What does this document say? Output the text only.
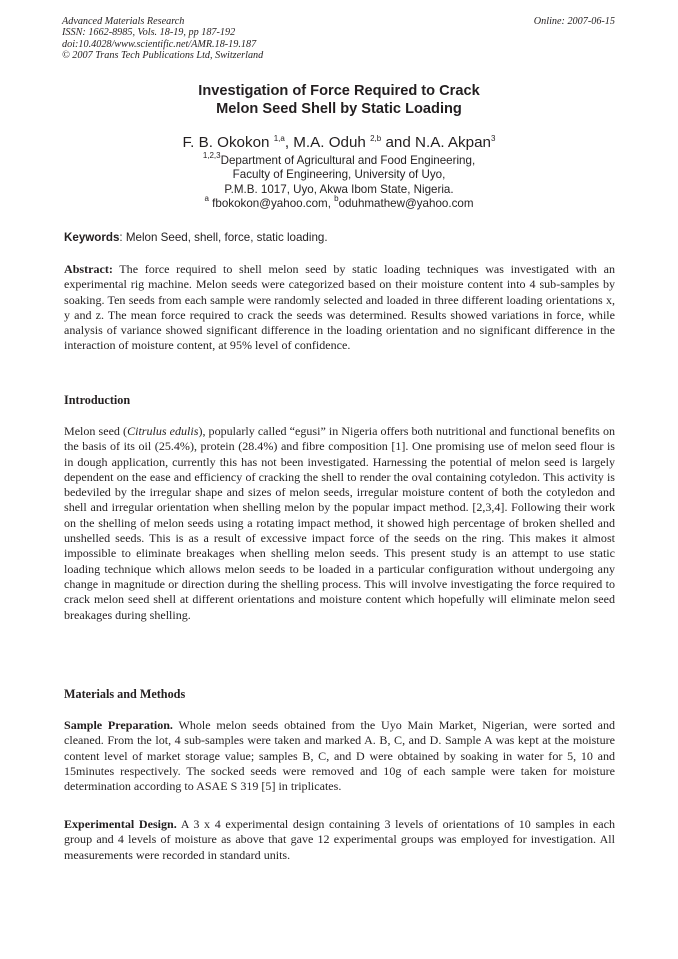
Advanced Materials Research
ISSN: 1662-8985, Vols. 18-19, pp 187-192
doi:10.4028/www.scientific.net/AMR.18-19.187
© 2007 Trans Tech Publications Ltd, Switzerland
Online: 2007-06-15
Investigation of Force Required to Crack
Melon Seed Shell by Static Loading
F. B. Okokon $^{1,a}$, M.A. Oduh $^{2,b}$ and N.A. Akpan$^3$
$^{1,2,3}$Department of Agricultural and Food Engineering,
Faculty of Engineering, University of Uyo,
P.M.B. 1017, Uyo, Akwa Ibom State, Nigeria.
$^a$ fbokokon@yahoo.com, $^b$oduhmathew@yahoo.com
Keywords: Melon Seed, shell, force, static loading.
Abstract: The force required to shell melon seed by static loading techniques was investigated with an experimental rig machine. Melon seeds were categorized based on their moisture content into 4 sub-samples by soaking. Ten seeds from each sample were randomly selected and loaded in three different loading orientations x, y and z. The mean force required to crack the seeds was determined. Results showed variations in force, while analysis of variance showed significant difference in the loading orientation and no significant difference in the interaction of moisture content, at 95% level of confidence.
Introduction
Melon seed (Citrulus edulis), popularly called “egusi” in Nigeria offers both nutritional and functional benefits on the basis of its oil (25.4%), protein (28.4%) and fibre composition [1]. One promising use of melon seed flour is in dough application, currently this has not been investigated. Harnessing the potential of melon seed is largely dependent on the ease and efficiency of cracking the shell to render the oval containing cotyledon. This activity is bedeviled by the irregular shape and sizes of melon seeds, irregular moisture content of both the cotyledon and shell and irregular orientation when shelling melon by the popular impact method. [2,3,4]. Following their work on the shelling of melon seeds using a rotating impact method, it showed high percentage of broken shelled and unshelled seeds. This is as a result of excessive impact force of the seeds on the ring. This makes it almost impossible to eliminate breakages when shelling melon seeds. This present study is an attempt to use static loading technique which allows melon seeds to be loaded in a particular configuration without undergoing any change in magnitude or direction during the shelling process. This will involve investigating the force required to crack melon seed shell at different orientations and moisture content which hopefully will eliminate melon seed breakages during shelling.
Materials and Methods
Sample Preparation. Whole melon seeds obtained from the Uyo Main Market, Nigerian, were sorted and cleaned. From the lot, 4 sub-samples were taken and marked A. B, C, and D. Sample A was kept at the moisture content level of market storage value; samples B, C, and D were obtained by soaking in water for 5, 10 and 15minutes respectively. The socked seeds were removed and 10g of each sample were taken for moisture determination according to ASAE S 319 [5] in triplicates.
Experimental Design. A 3 x 4 experimental design containing 3 levels of orientations of 10 samples in each group and 4 levels of moisture as above that gave 12 experimental groups was employed for investigation. All measurements were recorded in standard units.
